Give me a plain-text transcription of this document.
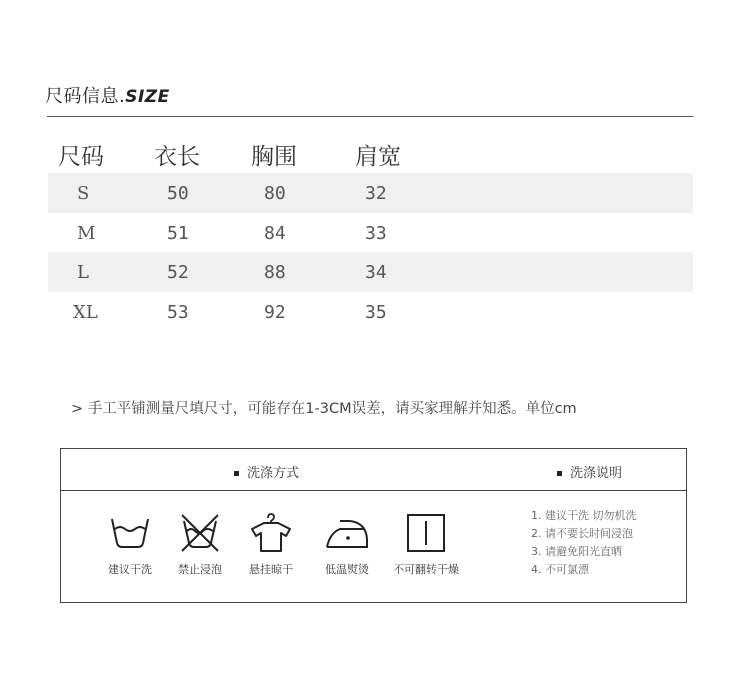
尺码信息.SIZE
尺码 衣长 胸围	肩宽
S	50	80	32
M	51	84	33
L	52	88	34
XL	53	92	35
> 手工平铺测量尺填尺寸，可能存在1-3CM误差，请买家理解并知悉。单位cm
洗涤方式	洗涤说明
建议干洗	禁止浸泡	悬挂晾干	低温熨烫	不可翻转干燥
1. 建议干洗 切勿机洗
2. 请不要长时间浸泡
3. 请避免阳光直晒
4. 不可氯漂
